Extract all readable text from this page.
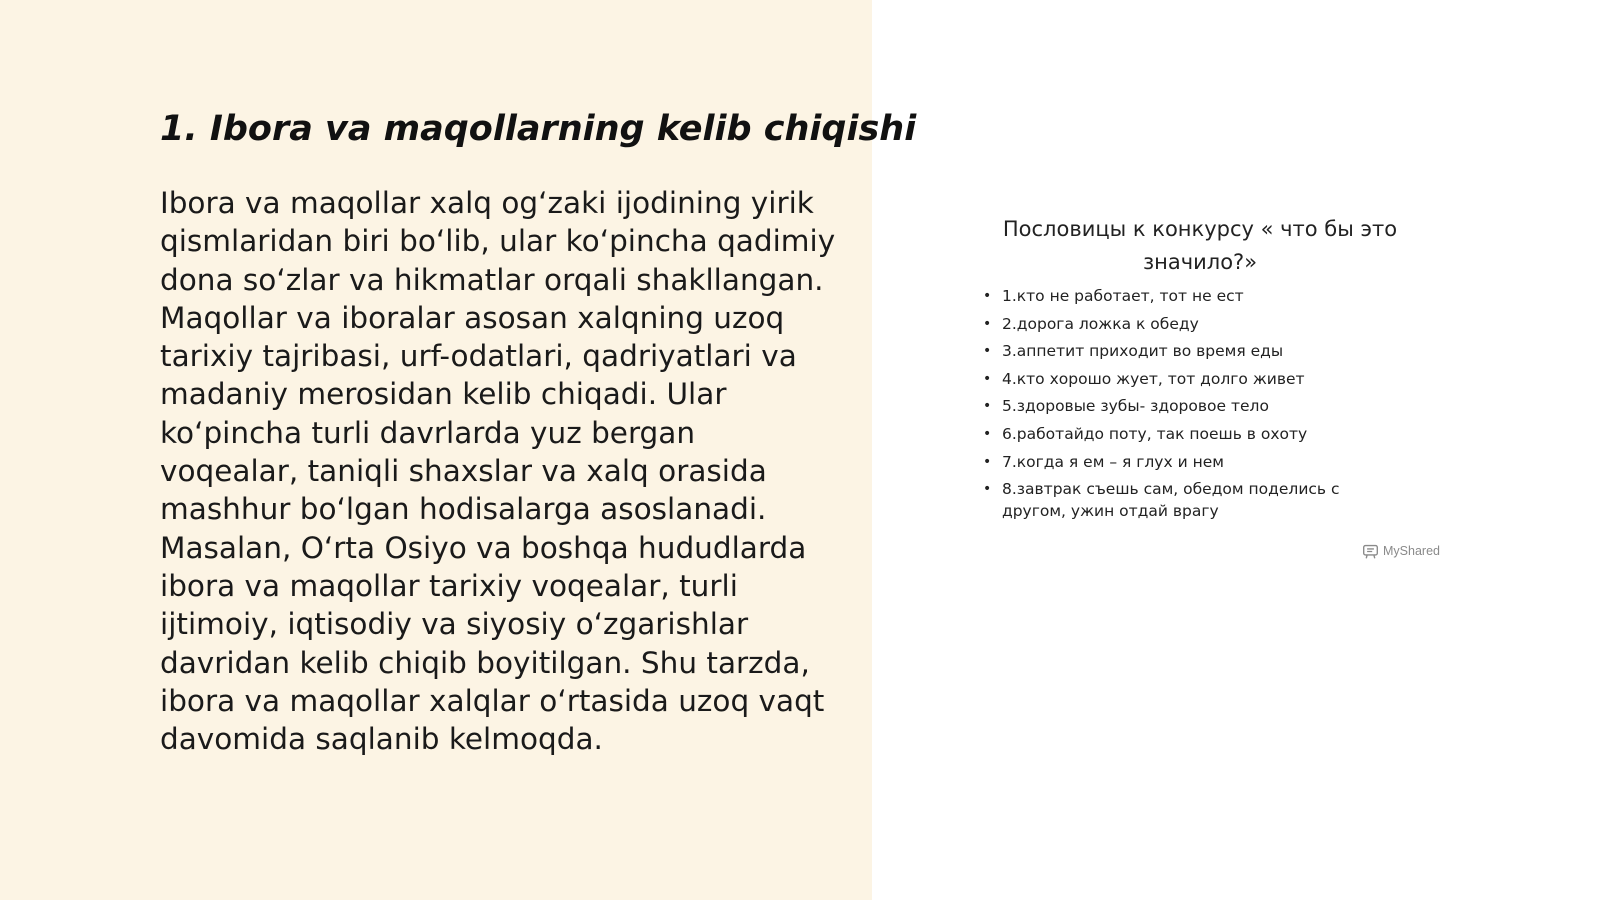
1. Ibora va maqollarning kelib chiqishi

Ibora va maqollar xalq og‘zaki ijodining yirik
qismlaridan biri bo‘lib, ular ko‘pincha qadimiy
dona so‘zlar va hikmatlar orqali shakllangan.
Maqollar va iboralar asosan xalqning uzoq
tarixiy tajribasi, urf-odatlari, qadriyatlari va
madaniy merosidan kelib chiqadi. Ular
ko‘pincha turli davrlarda yuz bergan
voqealar, taniqli shaxslar va xalq orasida
mashhur bo‘lgan hodisalarga asoslanadi.
Masalan, O‘rta Osiyo va boshqa hududlarda
ibora va maqollar tarixiy voqealar, turli
ijtimoiy, iqtisodiy va siyosiy o‘zgarishlar
davridan kelib chiqib boyitilgan. Shu tarzda,
ibora va maqollar xalqlar o‘rtasida uzoq vaqt
davomida saqlanib kelmoqda.

Пословицы к конкурсу « что бы это
значило?»
• 1.кто не работает, тот не ест
• 2.дорога ложка к обеду
• 3.аппетит приходит во время еды
• 4.кто хорошо жует, тот долго живет
• 5.здоровые зубы- здоровое тело
• 6.работайдо поту, так поешь в охоту
• 7.когда я ем – я глух и нем
• 8.завтрак съешь сам, обедом поделись с другом, ужин отдай врагу
MyShared
